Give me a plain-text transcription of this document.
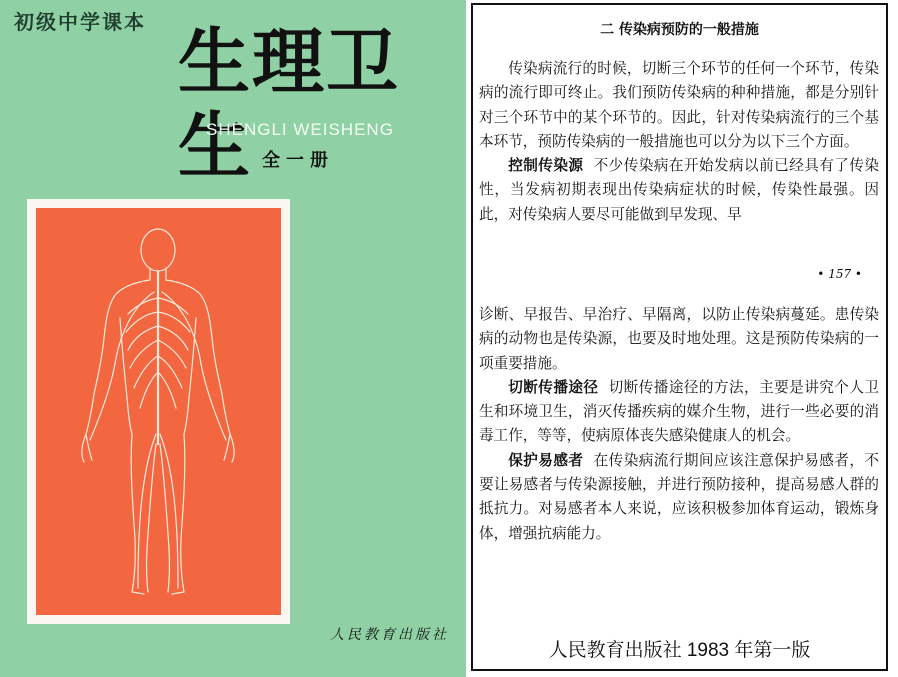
初级中学课本 生理卫生
SHENGLI WEISHENG
全一册
人民教育出版社
二 传染病预防的一般措施

传染病流行的时候，切断三个环节的任何一个环节，传染病的流行即可终止。我们预防传染病的种种措施，都是分别针对三个环节中的某个环节的。因此，针对传染病流行的三个基本环节，预防传染病的一般措施也可以分为以下三个方面。

控制传染源 不少传染病在开始发病以前已经具有了传染性，当发病初期表现出传染病症状的时候，传染性最强。因此，对传染病人要尽可能做到早发现、早

• 157 •

诊断、早报告、早治疗、早隔离，以防止传染病蔓延。患传染病的动物也是传染源，也要及时地处理。这是预防传染病的一项重要措施。

切断传播途径 切断传播途径的方法，主要是讲究个人卫生和环境卫生，消灭传播疾病的媒介生物，进行一些必要的消毒工作，等等，使病原体丧失感染健康人的机会。

保护易感者 在传染病流行期间应该注意保护易感者，不要让易感者与传染源接触，并进行预防接种，提高易感人群的抵抗力。对易感者本人来说，应该积极参加体育运动，锻炼身体，增强抗病能力。

人民教育出版社 1983 年第一版
